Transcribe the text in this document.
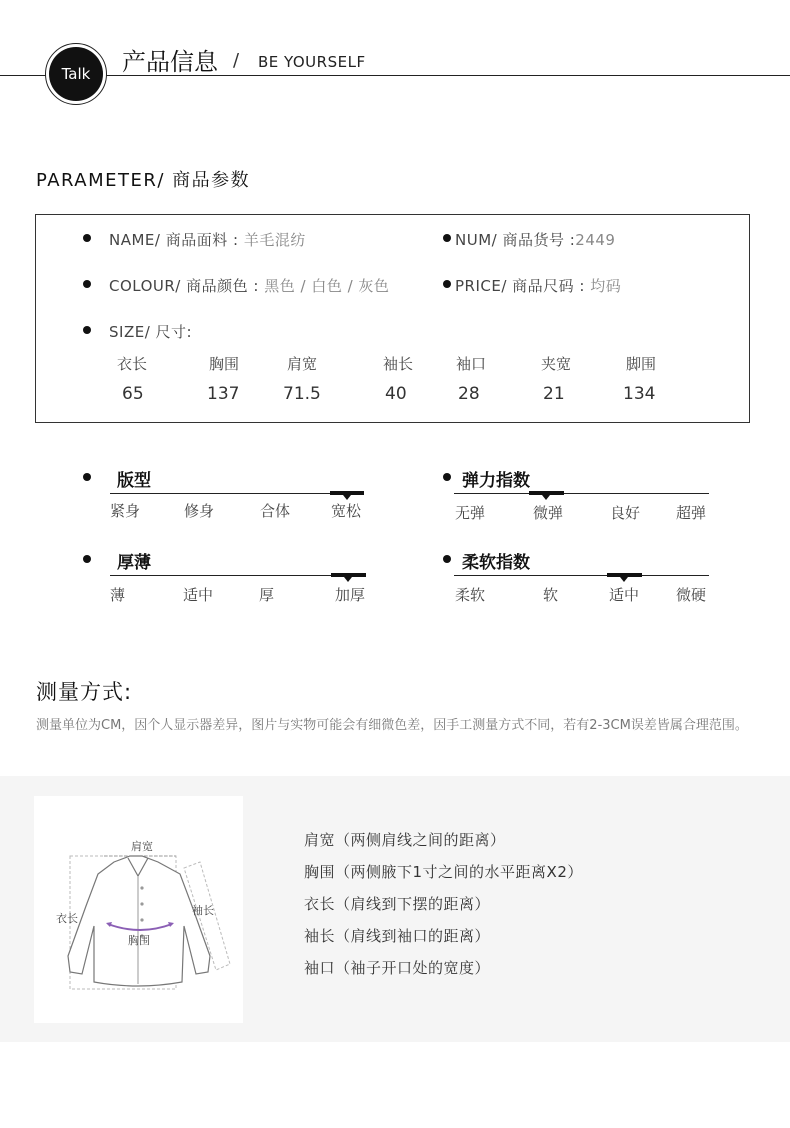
Talk	产品信息 / BE YOURSELF
PARAMETER/ 商品参数
NAME/ 商品面料 : 羊毛混纺	NUM/ 商品货号 :2449
COLOUR/ 商品颜色 : 黑色 / 白色 / 灰色	PRICE/ 商品尺码 : 均码
SIZE/ 尺寸:
衣长	胸围	肩宽	袖长	袖口	夹宽	脚围
65	137	71.5	40	28	21	134
版型
紧身	修身	合体	宽松
弹力指数
无弹	微弹	良好 超弹
厚薄
薄	适中	厚	加厚
柔软指数
柔软	软	适中 微硬
测量方式:
测量单位为CM，因个人显示器差异，图片与实物可能会有细微色差，因手工测量方式不同，若有2-3CM误差皆属合理范围。
肩宽
衣长
胸围
袖长
肩宽（两侧肩线之间的距离）
胸围（两侧腋下1寸之间的水平距离X2）
衣长（肩线到下摆的距离）
袖长（肩线到袖口的距离）
袖口（袖子开口处的宽度）
